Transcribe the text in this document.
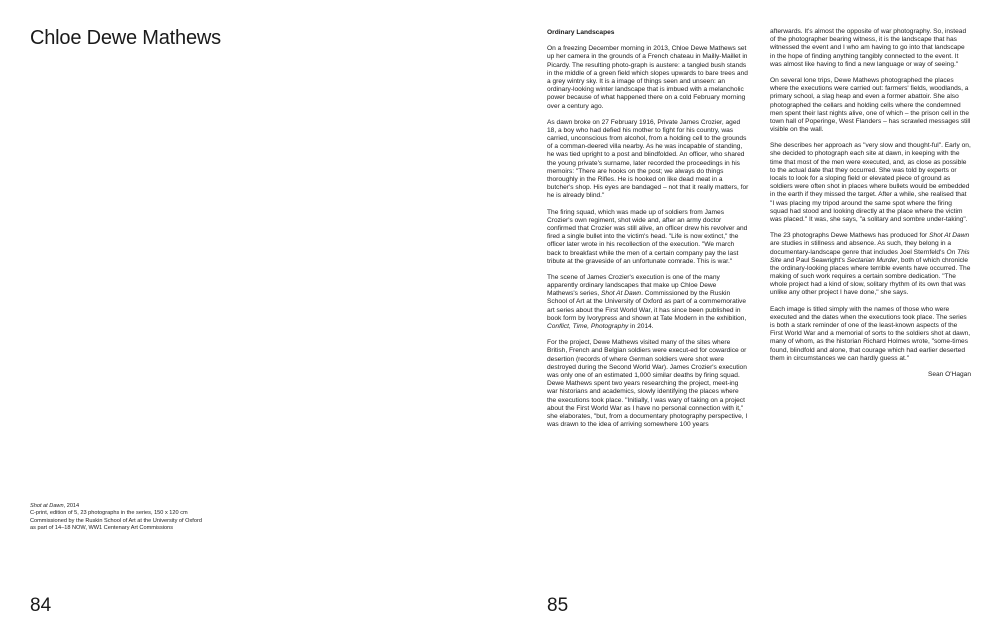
Chloe Dewe Mathews
Shot at Dawn, 2014
C-print, edition of 5, 23 photographs in the series, 150 x 120 cm
Commissioned by the Ruskin School of Art at the University of Oxford
as part of 14–18 NOW, WW1 Centenary Art Commissions
84
Ordinary Landscapes

On a freezing December morning in 2013, Chloe Dewe Mathews set up her camera in the grounds of a French chateau in Mailly-Maillet in Picardy. The resulting photo-graph is austere: a tangled bush stands in the middle of a green field which slopes upwards to bare trees and a grey wintry sky. It is a image of things seen and unseen: an ordinary-looking winter landscape that is imbued with a melancholic power because of what happened there on a cold February morning over a century ago.

As dawn broke on 27 February 1916, Private James Crozier, aged 18, a boy who had defied his mother to fight for his country, was carried, unconscious from alcohol, from a holding cell to the grounds of a comman-deered villa nearby. As he was incapable of standing, he was tied upright to a post and blindfolded. An officer, who shared the young private's surname, later recorded the proceedings in his memoirs: "There are hooks on the post; we always do things thoroughly in the Rifles. He is hooked on like dead meat in a butcher's shop. His eyes are bandaged – not that it really matters, for he is already blind."

The firing squad, which was made up of soldiers from James Crozier's own regiment, shot wide and, after an army doctor confirmed that Crozier was still alive, an officer drew his revolver and fired a single bullet into the victim's head. "Life is now extinct," the officer later wrote in his recollection of the execution. "We march back to breakfast while the men of a certain company pay the last tribute at the graveside of an unfortunate comrade. This is war."

The scene of James Crozier's execution is one of the many apparently ordinary landscapes that make up Chloe Dewe Mathews's series, Shot At Dawn. Commissioned by the Ruskin School of Art at the University of Oxford as part of a commemorative art series about the First World War, it has since been published in book form by Ivorypress and shown at Tate Modern in the exhibition, Conflict, Time, Photography in 2014.

For the project, Dewe Mathews visited many of the sites where British, French and Belgian soldiers were execut-ed for cowardice or desertion (records of where German soldiers were shot were destroyed during the Second World War). James Crozier's execution was only one of an estimated 1,000 similar deaths by firing squad. Dewe Mathews spent two years researching the project, meet-ing war historians and academics, slowly identifying the places where the executions took place. "Initially, I was wary of taking on a project about the First World War as I have no personal connection with it," she elaborates, "but, from a documentary photography perspective, I was drawn to the idea of arriving somewhere 100 years

afterwards. It's almost the opposite of war photography. So, instead of the photographer bearing witness, it is the landscape that has witnessed the event and I who am having to go into that landscape in the hope of finding anything tangibly connected to the event. It was almost like having to find a new language or way of seeing."

On several lone trips, Dewe Mathews photographed the places where the executions were carried out: farmers' fields, woodlands, a primary school, a slag heap and even a former abattoir. She also photographed the cellars and holding cells where the condemned men spent their last nights alive, one of which – the prison cell in the town hall of Poperinge, West Flanders – has scrawled messages still visible on the wall.

She describes her approach as "very slow and thought-ful". Early on, she decided to photograph each site at dawn, in keeping with the time that most of the men were executed, and, as close as possible to the actual date that they occurred. She was told by experts or locals to look for a sloping field or elevated piece of ground as soldiers were often shot in places where bullets would be embedded in the earth if they missed the target. After a while, she realised that "I was placing my tripod around the same spot where the firing squad had stood and looking directly at the place where the victim was placed." It was, she says, "a solitary and sombre under-taking".

The 23 photographs Dewe Mathews has produced for Shot At Dawn are studies in stillness and absence. As such, they belong in a documentary-landscape genre that includes Joel Sternfeld's On This Site and Paul Seawright's Sectarian Murder, both of which chronicle the ordinary-looking places where terrible events have occurred. The making of such work requires a certain sombre dedication. "The whole project had a kind of slow, solitary rhythm of its own that was unlike any other project I have done," she says.

Each image is titled simply with the names of those who were executed and the dates when the executions took place. The series is both a stark reminder of one of the least-known aspects of the First World War and a memorial of sorts to the soldiers shot at dawn, many of whom, as the historian Richard Holmes wrote, "some-times found, blindfold and alone, that courage which had earlier deserted them in circumstances we can hardly guess at."

Sean O'Hagan

85
